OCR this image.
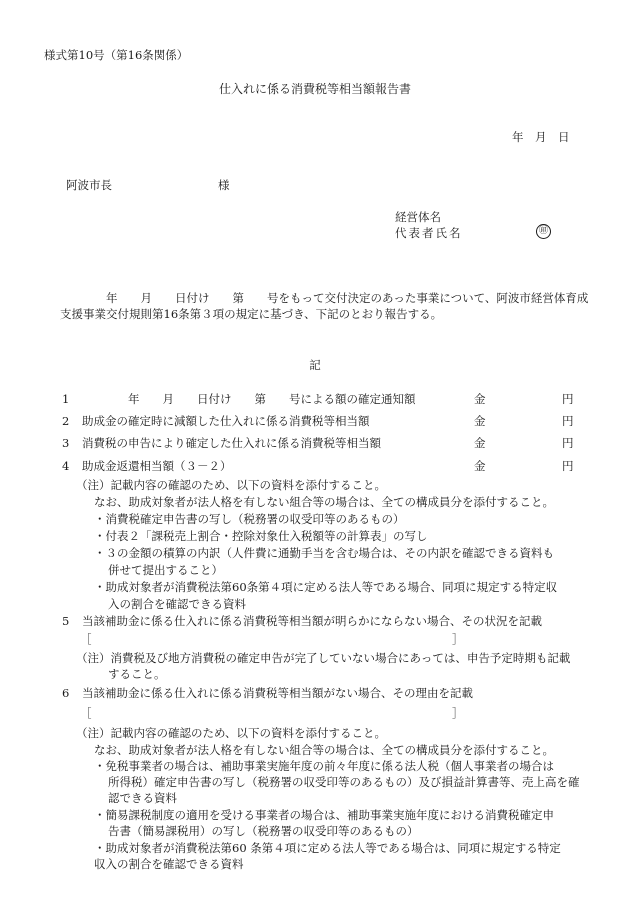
様式第10号（第16条関係）
仕入れに係る消費税等相当額報告書
年　月　日
阿波市長	様
経営体名
代表者氏名	㊞
年　　月　　日付け　　第　　号をもって交付決定のあった事業について、阿波市経営体育成支援事業交付規則第16条第３項の規定に基づき、下記のとおり報告する。
記
1 　　　　年　　月　　日付け　　第　　号による額の確定通知額	金	円
2 助成金の確定時に減額した仕入れに係る消費税等相当額	金	円
3 消費税の申告により確定した仕入れに係る消費税等相当額	金	円
4 助成金返還相当額（３－２）	金	円
（注）記載内容の確認のため、以下の資料を添付すること。
なお、助成対象者が法人格を有しない組合等の場合は、全ての構成員分を添付すること。
・消費税確定申告書の写し（税務署の収受印等のあるもの）
・付表２「課税売上割合・控除対象仕入税額等の計算表」の写し
・３の金額の積算の内訳（人件費に通勤手当を含む場合は、その内訳を確認できる資料も
併せて提出すること）
・助成対象者が消費税法第60条第４項に定める法人等である場合、同項に規定する特定収
入の割合を確認できる資料
5 当該補助金に係る仕入れに係る消費税等相当額が明らかにならない場合、その状況を記載
［	］
（注）消費税及び地方消費税の確定申告が完了していない場合にあっては、申告予定時期も記載
すること。
6 当該補助金に係る仕入れに係る消費税等相当額がない場合、その理由を記載
［	］
（注）記載内容の確認のため、以下の資料を添付すること。
なお、助成対象者が法人格を有しない組合等の場合は、全ての構成員分を添付すること。
・免税事業者の場合は、補助事業実施年度の前々年度に係る法人税（個人事業者の場合は
所得税）確定申告書の写し（税務署の収受印等のあるもの）及び損益計算書等、売上高を確
認できる資料
・簡易課税制度の適用を受ける事業者の場合は、補助事業実施年度における消費税確定申
告書（簡易課税用）の写し（税務署の収受印等のあるもの）
・助成対象者が消費税法第60 条第４項に定める法人等である場合は、同項に規定する特定
収入の割合を確認できる資料
